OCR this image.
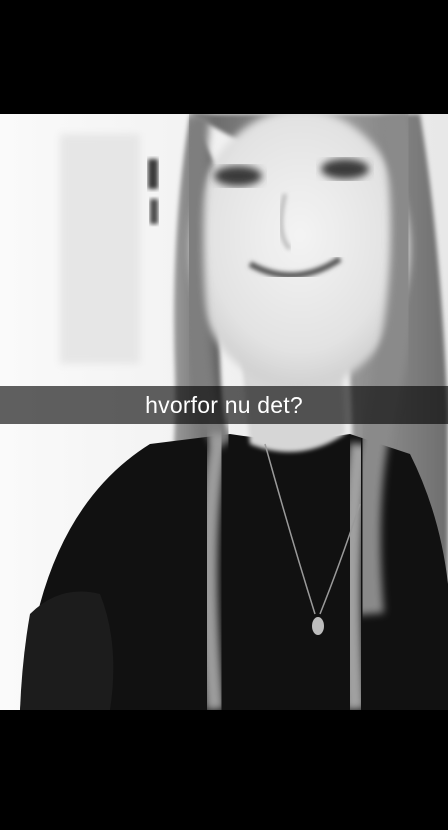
hvorfor nu det?
